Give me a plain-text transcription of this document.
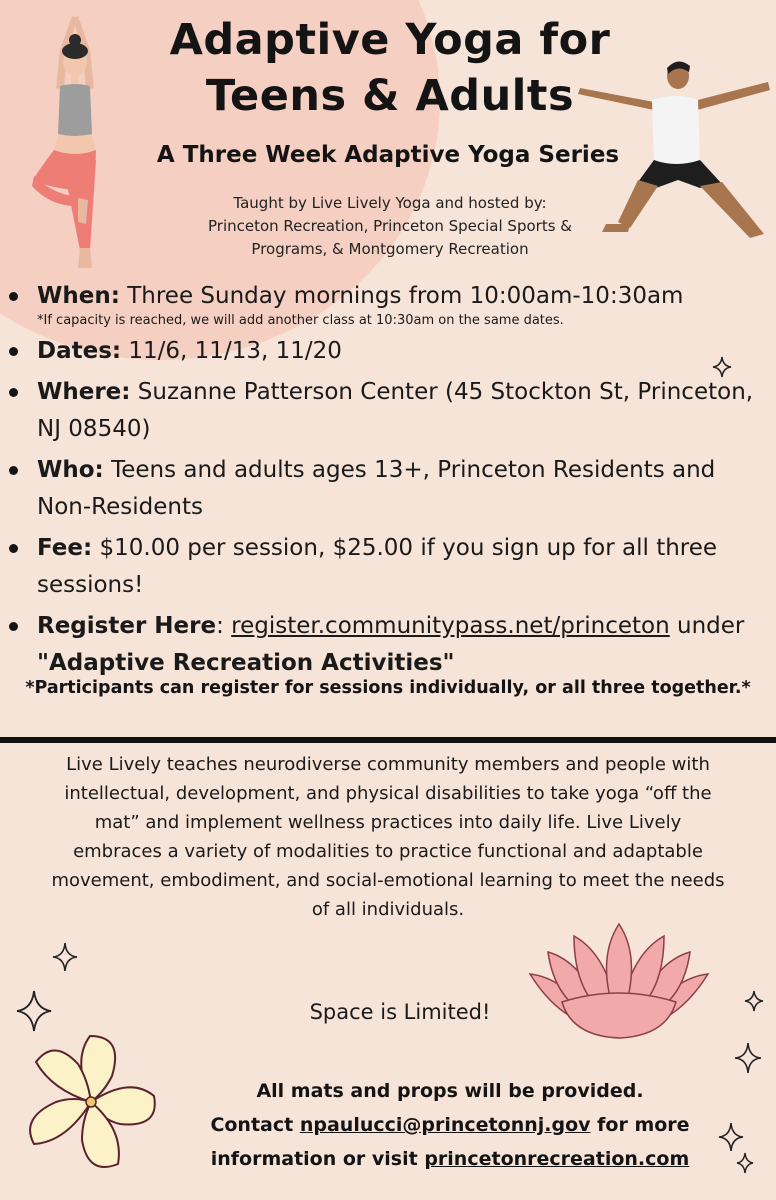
Adaptive Yoga for
Teens & Adults
A Three Week Adaptive Yoga Series
Taught by Live Lively Yoga and hosted by:
Princeton Recreation, Princeton Special Sports &
Programs, & Montgomery Recreation
When: Three Sunday mornings from 10:00am-10:30am
*If capacity is reached, we will add another class at 10:30am on the same dates.
Dates: 11/6, 11/13, 11/20
Where: Suzanne Patterson Center (45 Stockton St, Princeton, NJ 08540)
Who: Teens and adults ages 13+, Princeton Residents and Non-Residents
Fee: $10.00 per session, $25.00 if you sign up for all three sessions!
Register Here: register.communitypass.net/princeton under "Adaptive Recreation Activities"
*Participants can register for sessions individually, or all three together.*

Live Lively teaches neurodiverse community members and people with
intellectual, development, and physical disabilities to take yoga “off the
mat” and implement wellness practices into daily life. Live Lively
embraces a variety of modalities to practice functional and adaptable
movement, embodiment, and social-emotional learning to meet the needs
of all individuals.

Space is Limited!
All mats and props will be provided.
Contact npaulucci@princetonnj.gov for more
information or visit princetonrecreation.com
